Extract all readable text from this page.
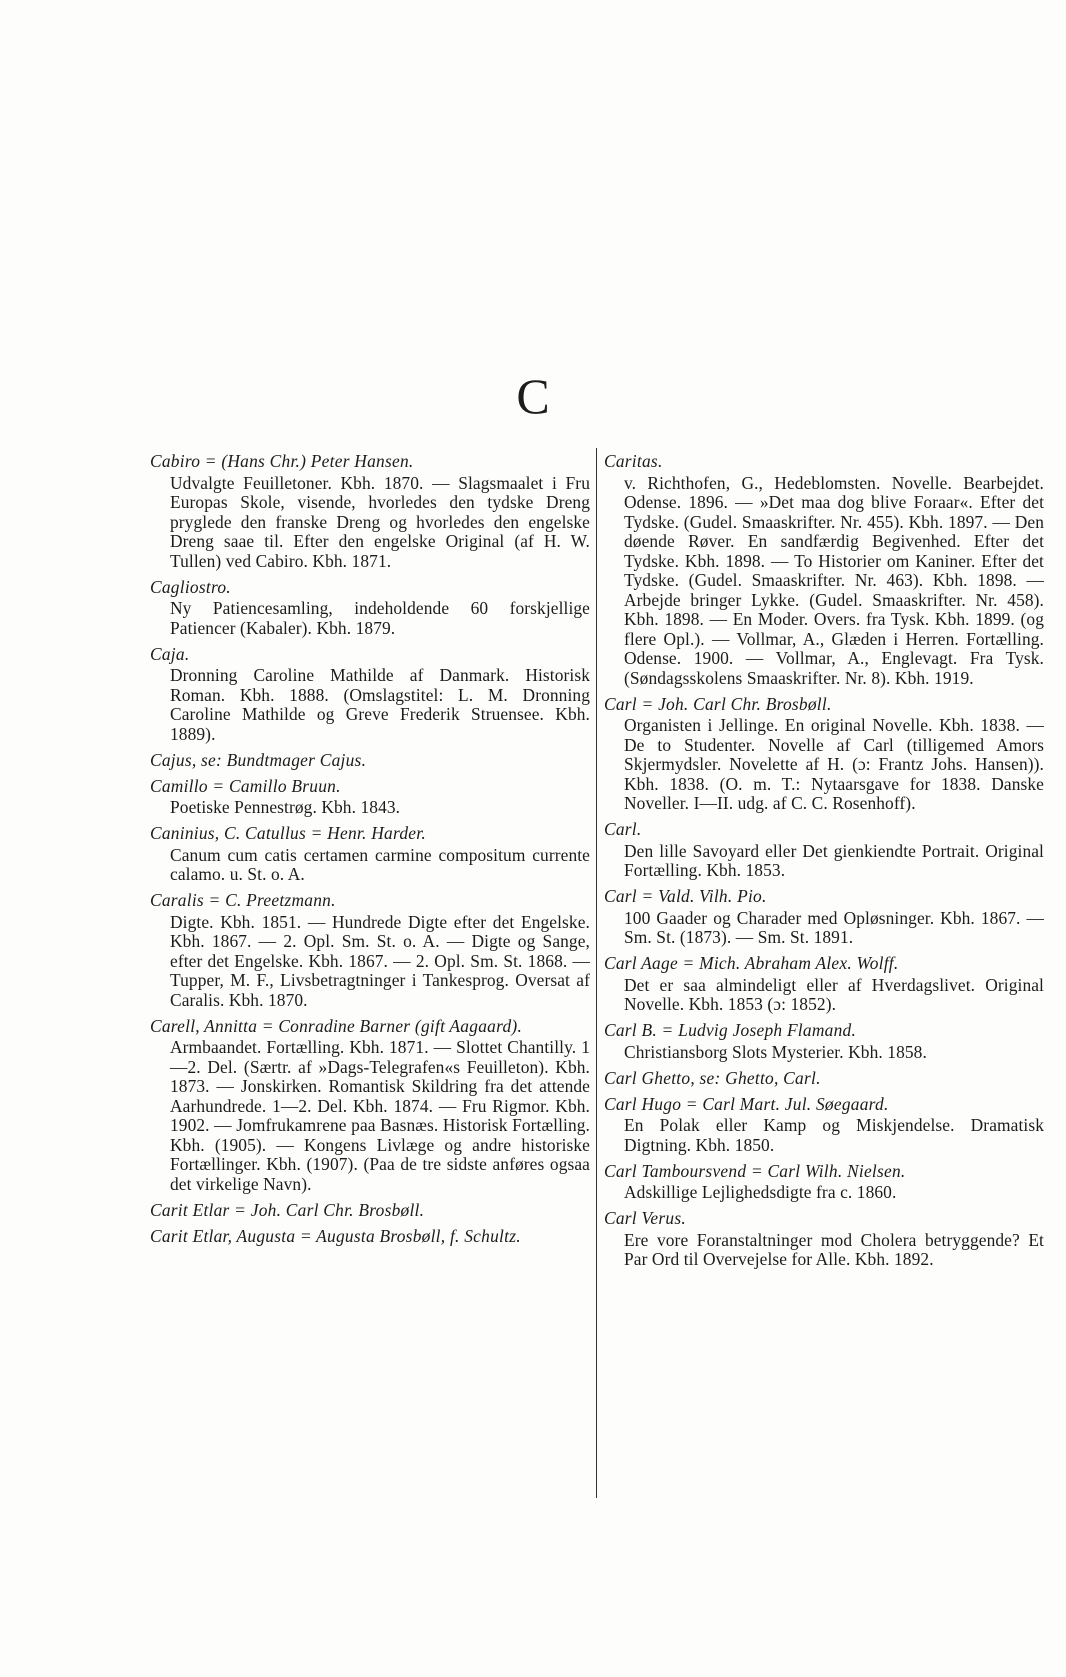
C
Cabiro = (Hans Chr.) Peter Hansen.
Udvalgte Feuilletoner. Kbh. 1870. — Slagsmaalet i Fru Europas Skole, visende, hvorledes den tydske Dreng pryglede den franske Dreng og hvorledes den engelske Dreng saae til. Efter den engelske Original (af H. W. Tullen) ved Cabiro. Kbh. 1871.
Cagliostro.
Ny Patiencesamling, indeholdende 60 forskjellige Patiencer (Kabaler). Kbh. 1879.
Caja.
Dronning Caroline Mathilde af Danmark. Historisk Roman. Kbh. 1888. (Omslagstitel: L. M. Dronning Caroline Mathilde og Greve Frederik Struensee. Kbh. 1889).
Cajus, se: Bundtmager Cajus.
Camillo = Camillo Bruun.
Poetiske Pennestrøg. Kbh. 1843.
Caninius, C. Catullus = Henr. Harder.
Canum cum catis certamen carmine compositum currente calamo. u. St. o. A.
Caralis = C. Preetzmann.
Digte. Kbh. 1851. — Hundrede Digte efter det Engelske. Kbh. 1867. — 2. Opl. Sm. St. o. A. — Digte og Sange, efter det Engelske. Kbh. 1867. — 2. Opl. Sm. St. 1868. — Tupper, M. F., Livsbetragtninger i Tankesprog. Oversat af Caralis. Kbh. 1870.
Carell, Annitta = Conradine Barner (gift Aagaard).
Armbaandet. Fortælling. Kbh. 1871. — Slottet Chantilly. 1—2. Del. (Særtr. af »Dags-Telegrafen«s Feuilleton). Kbh. 1873. — Jonskirken. Romantisk Skildring fra det attende Aarhundrede. 1—2. Del. Kbh. 1874. — Fru Rigmor. Kbh. 1902. — Jomfrukamrene paa Basnæs. Historisk Fortælling. Kbh. (1905). — Kongens Livlæge og andre historiske Fortællinger. Kbh. (1907). (Paa de tre sidste anføres ogsaa det virkelige Navn).
Carit Etlar = Joh. Carl Chr. Brosbøll.
Carit Etlar, Augusta = Augusta Brosbøll, f. Schultz.
Caritas.
v. Richthofen, G., Hedeblomsten. Novelle. Bearbejdet. Odense. 1896. — »Det maa dog blive Foraar«. Efter det Tydske. (Gudel. Smaaskrifter. Nr. 455). Kbh. 1897. — Den døende Røver. En sandfærdig Begivenhed. Efter det Tydske. Kbh. 1898. — To Historier om Kaniner. Efter det Tydske. (Gudel. Smaaskrifter. Nr. 463). Kbh. 1898. — Arbejde bringer Lykke. (Gudel. Smaaskrifter. Nr. 458). Kbh. 1898. — En Moder. Overs. fra Tysk. Kbh. 1899. (og flere Opl.). — Vollmar, A., Glæden i Herren. Fortælling. Odense. 1900. — Vollmar, A., Englevagt. Fra Tysk. (Søndagsskolens Smaaskrifter. Nr. 8). Kbh. 1919.
Carl = Joh. Carl Chr. Brosbøll.
Organisten i Jellinge. En original Novelle. Kbh. 1838. — De to Studenter. Novelle af Carl (tilligemed Amors Skjermydsler. Novelette af H. (ɔ: Frantz Johs. Hansen)). Kbh. 1838. (O. m. T.: Nytaarsgave for 1838. Danske Noveller. I—II. udg. af C. C. Rosenhoff).
Carl.
Den lille Savoyard eller Det gienkiendte Portrait. Original Fortælling. Kbh. 1853.
Carl = Vald. Vilh. Pio.
100 Gaader og Charader med Opløsninger. Kbh. 1867. — Sm. St. (1873). — Sm. St. 1891.
Carl Aage = Mich. Abraham Alex. Wolff.
Det er saa almindeligt eller af Hverdagslivet. Original Novelle. Kbh. 1853 (ɔ: 1852).
Carl B. = Ludvig Joseph Flamand.
Christiansborg Slots Mysterier. Kbh. 1858.
Carl Ghetto, se: Ghetto, Carl.
Carl Hugo = Carl Mart. Jul. Søegaard.
En Polak eller Kamp og Miskjendelse. Dramatisk Digtning. Kbh. 1850.
Carl Tamboursvend = Carl Wilh. Nielsen.
Adskillige Lejlighedsdigte fra c. 1860.
Carl Verus.
Ere vore Foranstaltninger mod Cholera betryggende? Et Par Ord til Overvejelse for Alle. Kbh. 1892.
